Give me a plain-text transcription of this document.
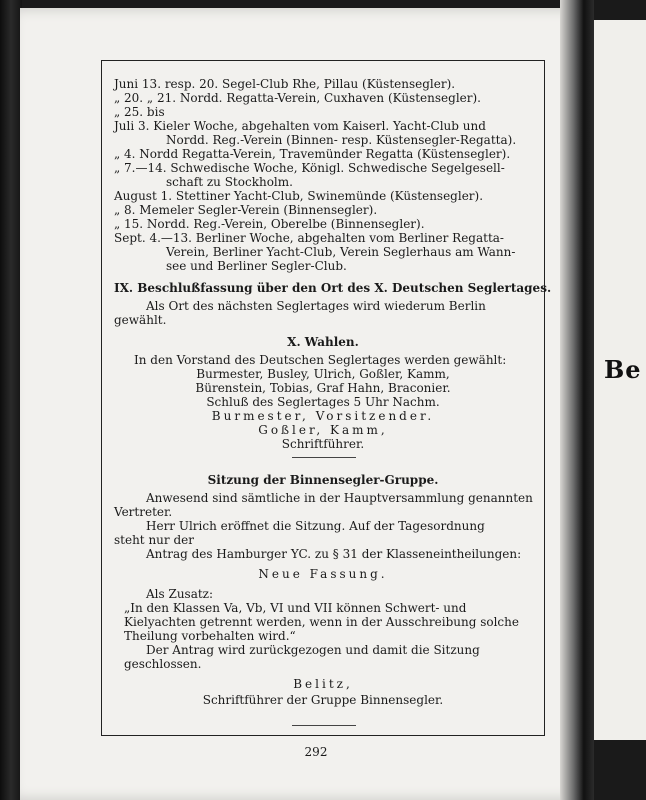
Be
Juni 13. resp. 20. Segel-Club Rhe, Pillau (Küstensegler).
„ 20. „ 21. Nordd. Regatta-Verein, Cuxhaven (Küstensegler).
„ 25. bis
Juli 3. Kieler Woche, abgehalten vom Kaiserl. Yacht-Club und
Nordd. Reg.-Verein (Binnen- resp. Küstensegler-Regatta).
„ 4. Nordd Regatta-Verein, Travemünder Regatta (Küstensegler).
„ 7.—14. Schwedische Woche, Königl. Schwedische Segelgesell-
schaft zu Stockholm.
August 1. Stettiner Yacht-Club, Swinemünde (Küstensegler).
„ 8. Memeler Segler-Verein (Binnensegler).
„ 15. Nordd. Reg.-Verein, Oberelbe (Binnensegler).
Sept. 4.—13. Berliner Woche, abgehalten vom Berliner Regatta-
Verein, Berliner Yacht-Club, Verein Seglerhaus am Wann-
see und Berliner Segler-Club.
IX. Beschlußfassung über den Ort des X. Deutschen Seglertages.
Als Ort des nächsten Seglertages wird wiederum Berlin
gewählt.
X. Wahlen.
In den Vorstand des Deutschen Seglertages werden gewählt:
Burmester, Busley, Ulrich, Goßler, Kamm,
Bürenstein, Tobias, Graf Hahn, Braconier.
Schluß des Seglertages 5 Uhr Nachm.
Burmester, Vorsitzender.
Goßler, Kamm,
Schriftführer.
Sitzung der Binnensegler-Gruppe.
Anwesend sind sämtliche in der Hauptversammlung genannten
Vertreter.
Herr Ulrich eröffnet die Sitzung. Auf der Tagesordnung
steht nur der
Antrag des Hamburger YC. zu § 31 der Klasseneintheilungen:
Neue Fassung.
Als Zusatz:
„In den Klassen Va, Vb, VI und VII können Schwert- und
Kielyachten getrennt werden, wenn in der Ausschreibung solche
Theilung vorbehalten wird.“
Der Antrag wird zurückgezogen und damit die Sitzung
geschlossen.
Belitz,
Schriftführer der Gruppe Binnensegler.
292
